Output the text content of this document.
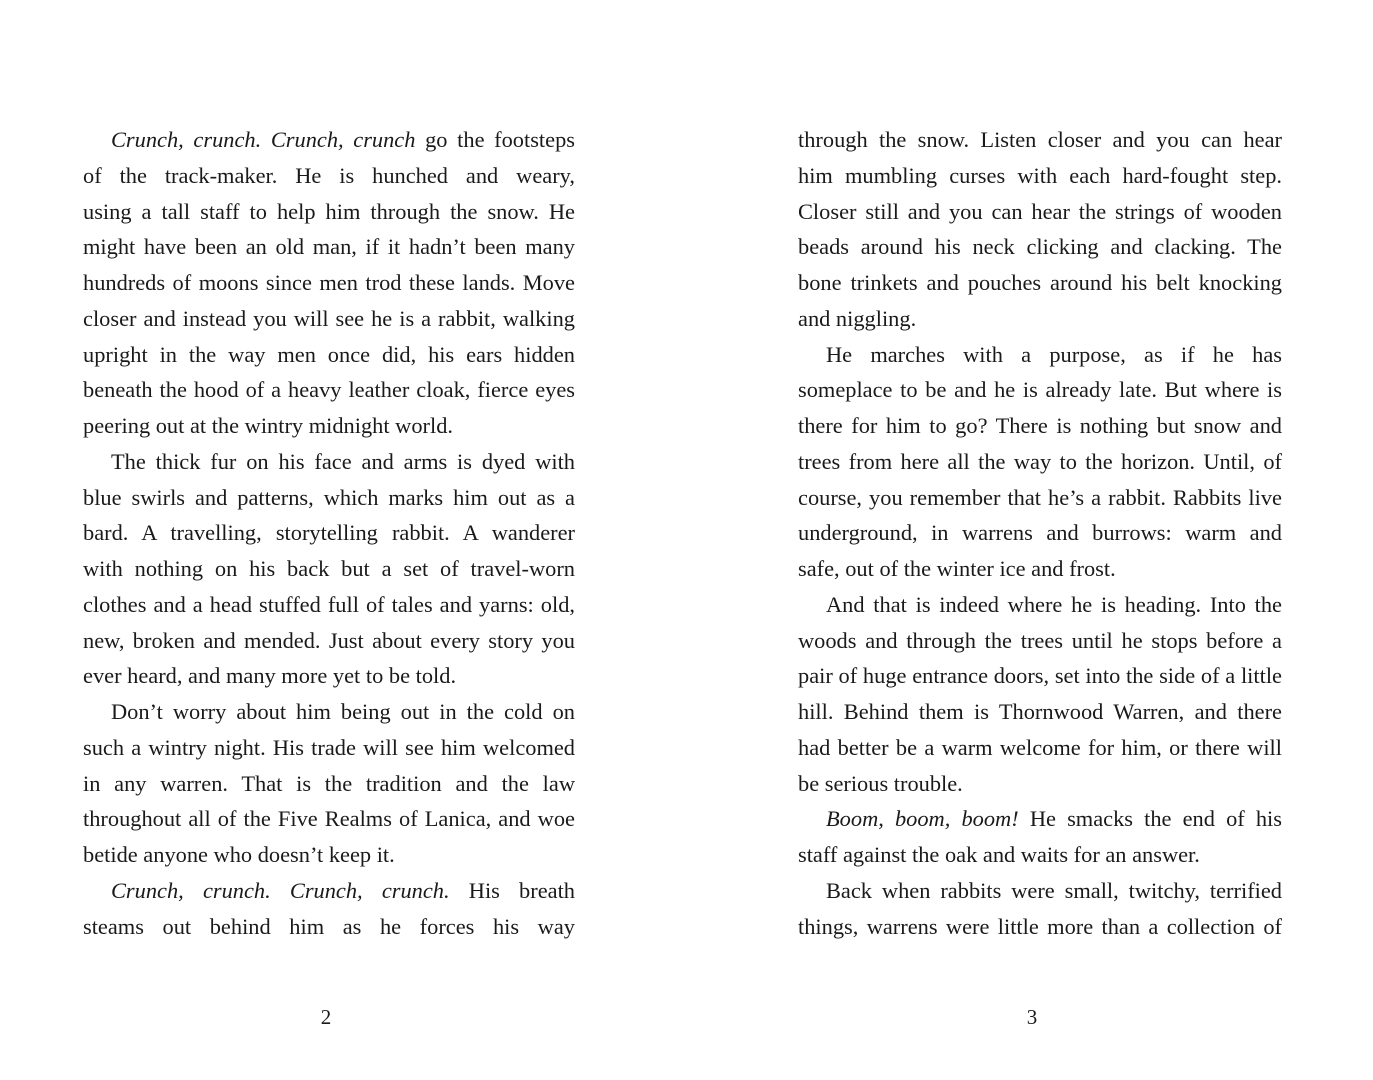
Crunch, crunch. Crunch, crunch go the footsteps
of the track-maker. He is hunched and weary,
using a tall staff to help him through the snow. He
might have been an old man, if it hadn’t been many
hundreds of moons since men trod these lands. Move
closer and instead you will see he is a rabbit, walking
upright in the way men once did, his ears hidden
beneath the hood of a heavy leather cloak, fierce eyes
peering out at the wintry midnight world.
The thick fur on his face and arms is dyed with
blue swirls and patterns, which marks him out as a
bard. A travelling, storytelling rabbit. A wanderer
with nothing on his back but a set of travel-worn
clothes and a head stuffed full of tales and yarns: old,
new, broken and mended. Just about every story you
ever heard, and many more yet to be told.
Don’t worry about him being out in the cold on
such a wintry night. His trade will see him welcomed
in any warren. That is the tradition and the law
throughout all of the Five Realms of Lanica, and woe
betide anyone who doesn’t keep it.
Crunch, crunch. Crunch, crunch. His breath
steams out behind him as he forces his way
through the snow. Listen closer and you can hear
him mumbling curses with each hard-fought step.
Closer still and you can hear the strings of wooden
beads around his neck clicking and clacking. The
bone trinkets and pouches around his belt knocking
and niggling.
He marches with a purpose, as if he has
someplace to be and he is already late. But where is
there for him to go? There is nothing but snow and
trees from here all the way to the horizon. Until, of
course, you remember that he’s a rabbit. Rabbits live
underground, in warrens and burrows: warm and
safe, out of the winter ice and frost.
And that is indeed where he is heading. Into the
woods and through the trees until he stops before a
pair of huge entrance doors, set into the side of a little
hill. Behind them is Thornwood Warren, and there
had better be a warm welcome for him, or there will
be serious trouble.
Boom, boom, boom! He smacks the end of his
staff against the oak and waits for an answer.
Back when rabbits were small, twitchy, terrified
things, warrens were little more than a collection of
2	3
